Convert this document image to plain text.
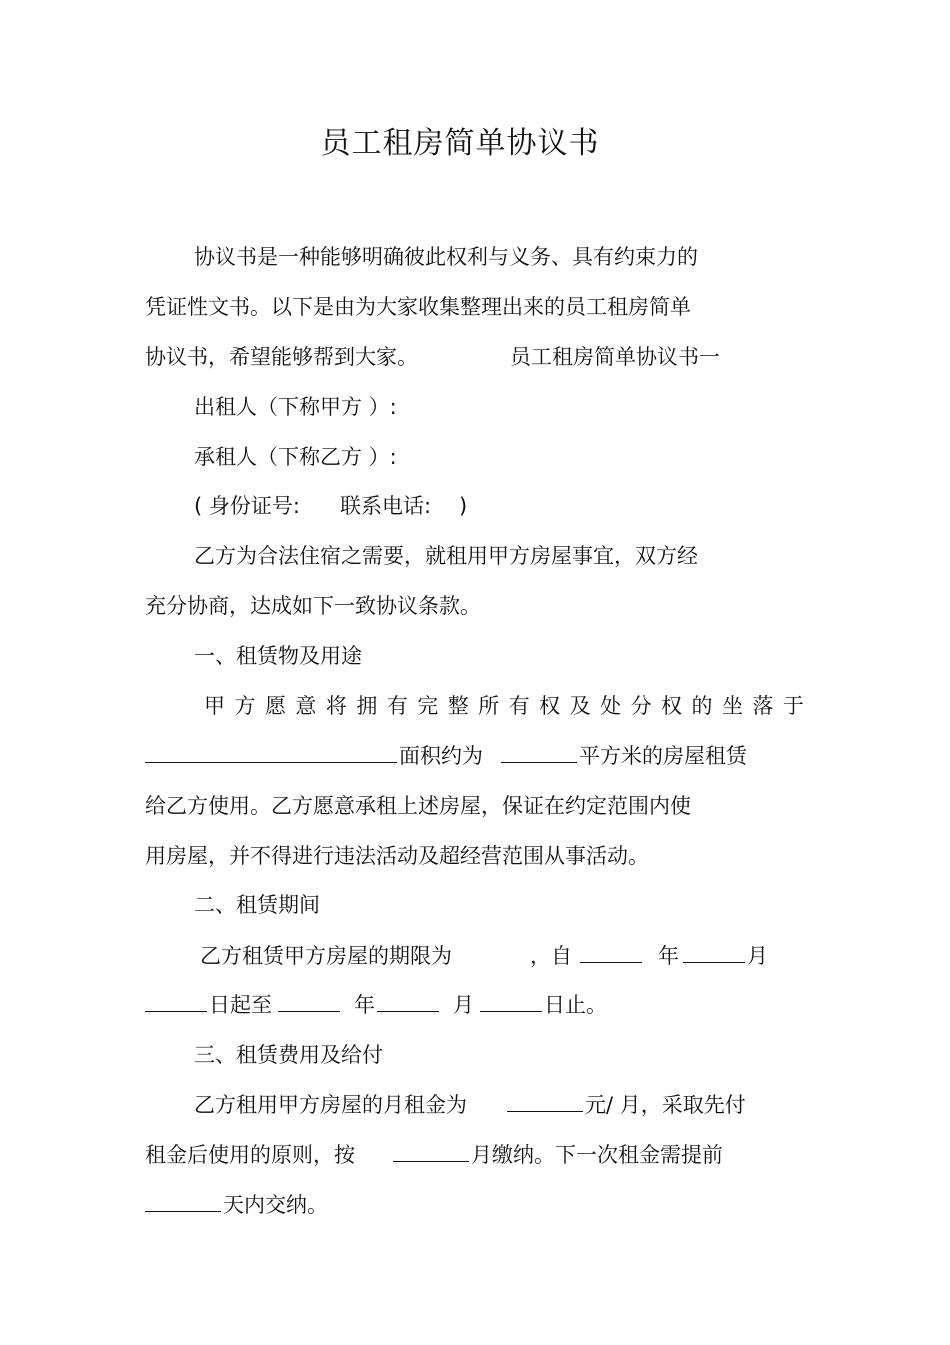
员工租房简单协议书
协议书是一种能够明确彼此权利与义务、具有约束力的
凭证性文书。以下是由为大家收集整理出来的员工租房简单
协议书，希望能够帮到大家。	员工租房简单协议书一
出租人（下称甲方 ）:
承租人（下称乙方 ）:
( 身份证号: 联系电话: )
乙方为合法住宿之需要，就租用甲方房屋事宜，双方经
充分协商，达成如下一致协议条款。
一、租赁物及用途
甲 方 愿 意 将 拥 有 完 整 所 有 权 及 处 分 权 的 坐 落 于
面积约为	平方米的房屋租赁
给乙方使用。乙方愿意承租上述房屋，保证在约定范围内使
用房屋，并不得进行违法活动及超经营范围从事活动。
二、租赁期间
乙方租赁甲方房屋的期限为	，自	年	月
日起至	年	月	日止。
三、租赁费用及给付
乙方租用甲方房屋的月租金为	元/ 月，采取先付
租金后使用的原则，按	月缴纳。下一次租金需提前
天内交纳。
